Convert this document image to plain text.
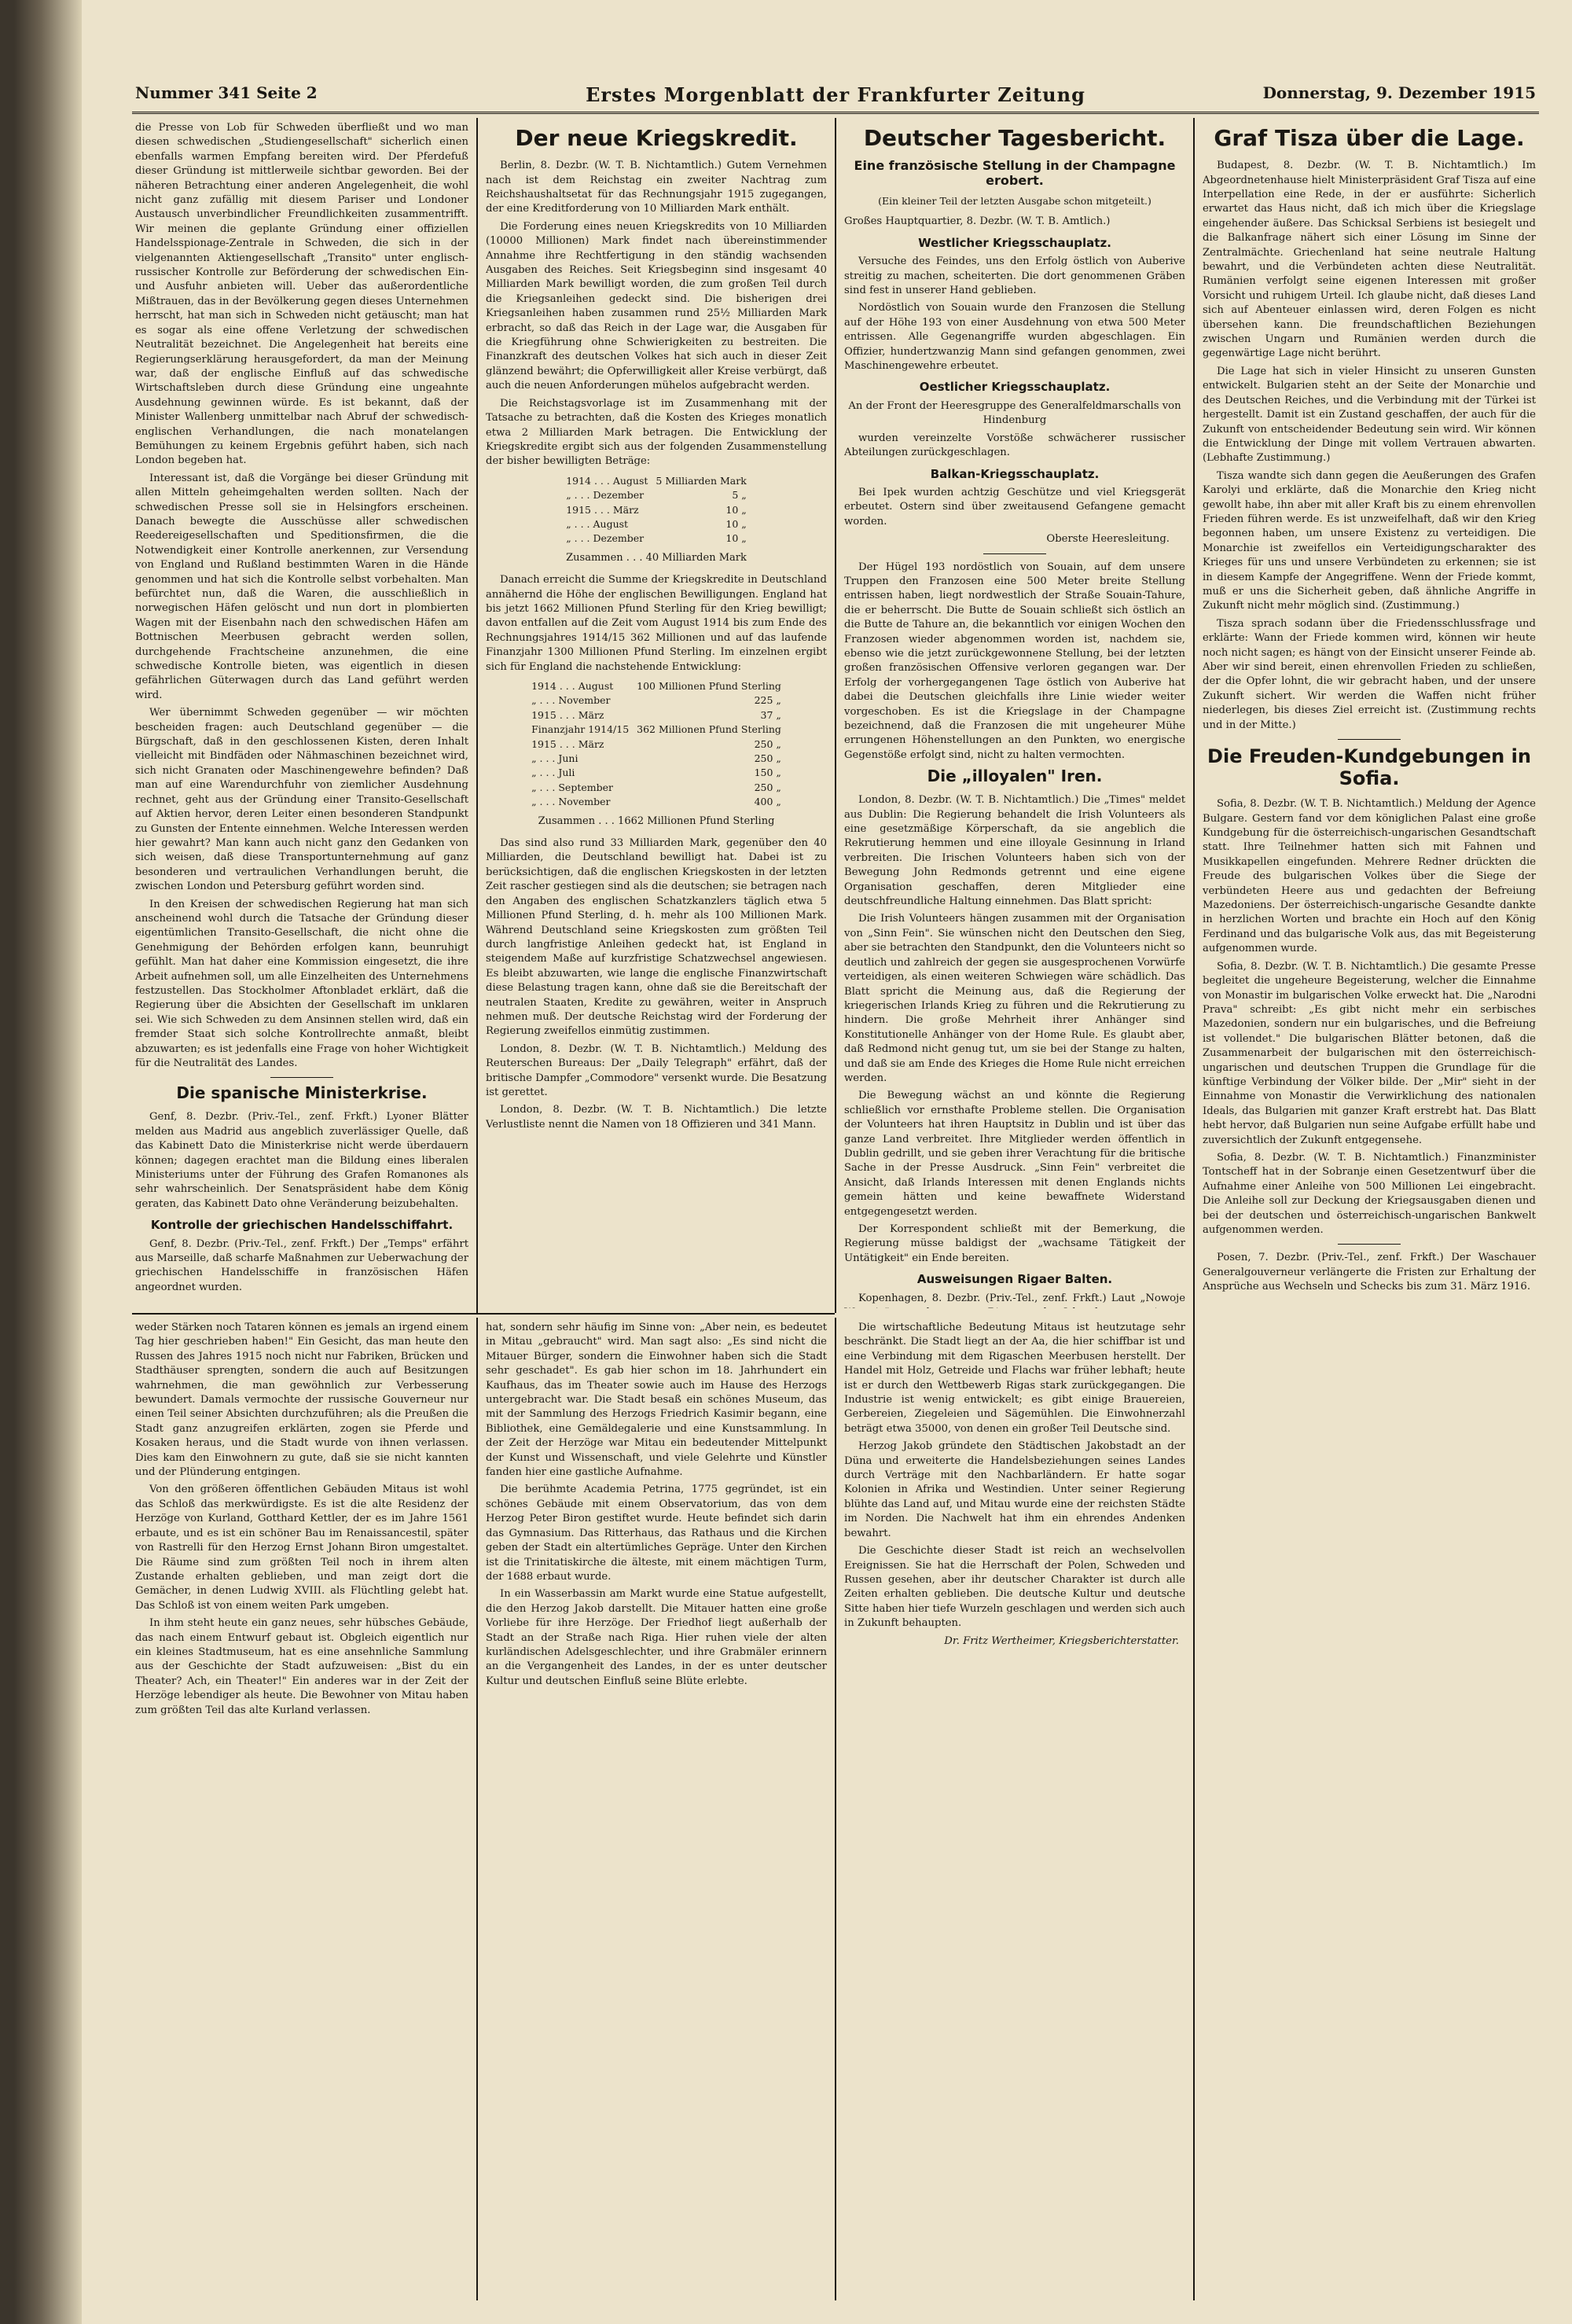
Nummer 341 Seite 2	Erstes Morgenblatt der Frankfurter Zeitung	Donnerstag, 9. Dezember 1915

die Presse von Lob für Schweden überfließt und wo man diesen schwedischen „Studiengesellschaft" sicherlich einen ebenfalls warmen Empfang bereiten wird. Der Pferdefuß dieser Gründung ist mittlerweile sichtbar geworden. Bei der näheren Betrachtung einer anderen Angelegenheit, die wohl nicht ganz zufällig mit diesem Pariser und Londoner Austausch unverbindlicher Freundlichkeiten zusammentrifft. Wir meinen die geplante Gründung einer offiziellen Handelsspionage-Zentrale in Schweden, die sich in der vielgenannten Aktiengesellschaft „Transito" unter englisch-russischer Kontrolle zur Beförderung der schwedischen Ein- und Ausfuhr anbieten will. Ueber das außerordentliche Mißtrauen, das in der Bevölkerung gegen dieses Unternehmen herrscht, hat man sich in Schweden nicht getäuscht; man hat es sogar als eine offene Verletzung der schwedischen Neutralität bezeichnet. Die Angelegenheit hat bereits eine Regierungserklärung herausgefordert, da man der Meinung war, daß der englische Einfluß auf das schwedische Wirtschaftsleben durch diese Gründung eine ungeahnte Ausdehnung gewinnen würde. Es ist bekannt, daß der Minister Wallenberg unmittelbar nach Abruf der schwedisch-englischen Verhandlungen, die nach monatelangen Bemühungen zu keinem Ergebnis geführt haben, sich nach London begeben hat.

Interessant ist, daß die Vorgänge bei dieser Gründung mit allen Mitteln geheimgehalten werden sollten. Nach der schwedischen Presse soll sie in Helsingfors erscheinen. Danach bewegte die Ausschüsse aller schwedischen Reedereigesellschaften und Speditionsfirmen, die die Notwendigkeit einer Kontrolle anerkennen, zur Versendung von England und Rußland bestimmten Waren in die Hände genommen und hat sich die Kontrolle selbst vorbehalten. Man befürchtet nun, daß die Waren, die ausschließlich in norwegischen Häfen gelöscht und nun dort in plombierten Wagen mit der Eisenbahn nach den schwedischen Häfen am Bottnischen Meerbusen gebracht werden sollen, durchgehende Frachtscheine anzunehmen, die eine schwedische Kontrolle bieten, was eigentlich in diesen gefährlichen Güterwagen durch das Land geführt werden wird.

Wer übernimmt Schweden gegenüber — wir möchten bescheiden fragen: auch Deutschland gegenüber — die Bürgschaft, daß in den geschlossenen Kisten, deren Inhalt vielleicht mit Bindfäden oder Nähmaschinen bezeichnet wird, sich nicht Granaten oder Maschinengewehre befinden? Daß man auf eine Warendurchfuhr von ziemlicher Ausdehnung rechnet, geht aus der Gründung einer Transito-Gesellschaft auf Aktien hervor, deren Leiter einen besonderen Standpunkt zu Gunsten der Entente einnehmen. Welche Interessen werden hier gewahrt? Man kann auch nicht ganz den Gedanken von sich weisen, daß diese Transportunternehmung auf ganz besonderen und vertraulichen Verhandlungen beruht, die zwischen London und Petersburg geführt worden sind.

In den Kreisen der schwedischen Regierung hat man sich anscheinend wohl durch die Tatsache der Gründung dieser eigentümlichen Transito-Gesellschaft, die nicht ohne die Genehmigung der Behörden erfolgen kann, beunruhigt gefühlt. Man hat daher eine Kommission eingesetzt, die ihre Arbeit aufnehmen soll, um alle Einzelheiten des Unternehmens festzustellen. Das Stockholmer Aftonbladet erklärt, daß die Regierung über die Absichten der Gesellschaft im unklaren sei. Wie sich Schweden zu dem Ansinnen stellen wird, daß ein fremder Staat sich solche Kontrollrechte anmaßt, bleibt abzuwarten; es ist jedenfalls eine Frage von hoher Wichtigkeit für die Neutralität des Landes.

Die spanische Ministerkrise.

Genf, 8. Dezbr. (Priv.-Tel., zenf. Frkft.) Lyoner Blätter melden aus Madrid aus angeblich zuverlässiger Quelle, daß das Kabinett Dato die Ministerkrise nicht werde überdauern können; dagegen erachtet man die Bildung eines liberalen Ministeriums unter der Führung des Grafen Romanones als sehr wahrscheinlich. Der Senatspräsident habe dem König geraten, das Kabinett Dato ohne Veränderung beizubehalten.

Kontrolle der griechischen Handelsschiffahrt.

Genf, 8. Dezbr. (Priv.-Tel., zenf. Frkft.) Der „Temps" erfährt aus Marseille, daß scharfe Maßnahmen zur Ueberwachung der griechischen Handelsschiffe in französischen Häfen angeordnet wurden.

Der neue Kriegskredit.

Berlin, 8. Dezbr. (W. T. B. Nichtamtlich.) Gutem Vernehmen nach ist dem Reichstag ein zweiter Nachtrag zum Reichshaushaltsetat für das Rechnungsjahr 1915 zugegangen, der eine Kreditforderung von 10 Milliarden Mark enthält.

Die Forderung eines neuen Kriegskredits von 10 Milliarden (10000 Millionen) Mark findet nach übereinstimmender Annahme ihre Rechtfertigung in den ständig wachsenden Ausgaben des Reiches. Seit Kriegsbeginn sind insgesamt 40 Milliarden Mark bewilligt worden, die zum großen Teil durch die Kriegsanleihen gedeckt sind. Die bisherigen drei Kriegsanleihen haben zusammen rund 25½ Milliarden Mark erbracht, so daß das Reich in der Lage war, die Ausgaben für die Kriegführung ohne Schwierigkeiten zu bestreiten. Die Finanzkraft des deutschen Volkes hat sich auch in dieser Zeit glänzend bewährt; die Opferwilligkeit aller Kreise verbürgt, daß auch die neuen Anforderungen mühelos aufgebracht werden.

Die Reichstagsvorlage ist im Zusammenhang mit der Tatsache zu betrachten, daß die Kosten des Krieges monatlich etwa 2 Milliarden Mark betragen. Die Entwicklung der Kriegskredite ergibt sich aus der folgenden Zusammenstellung der bisher bewilligten Beträge:

1914 . . . August	5 Milliarden Mark
„ . . . Dezember	5 „
1915 . . . März	10 „
„ . . . August	10 „
„ . . . Dezember	10 „
Zusammen . . . 40 Milliarden Mark

Danach erreicht die Summe der Kriegskredite in Deutschland annähernd die Höhe der englischen Bewilligungen. England hat bis jetzt 1662 Millionen Pfund Sterling für den Krieg bewilligt; davon entfallen auf die Zeit vom August 1914 bis zum Ende des Rechnungsjahres 1914/15 362 Millionen und auf das laufende Finanzjahr 1300 Millionen Pfund Sterling. Im einzelnen ergibt sich für England die nachstehende Entwicklung:

1914 . . . August	100 Millionen Pfund Sterling
„ . . . November	225 „
1915 . . . März	37 „
Finanzjahr 1914/15	362 Millionen Pfund Sterling
1915 . . . März	250 „
„ . . . Juni	250 „
„ . . . Juli	150 „
„ . . . September	250 „
„ . . . November	400 „
Zusammen . . . 1662 Millionen Pfund Sterling

Das sind also rund 33 Milliarden Mark, gegenüber den 40 Milliarden, die Deutschland bewilligt hat. Dabei ist zu berücksichtigen, daß die englischen Kriegskosten in der letzten Zeit rascher gestiegen sind als die deutschen; sie betragen nach den Angaben des englischen Schatzkanzlers täglich etwa 5 Millionen Pfund Sterling, d. h. mehr als 100 Millionen Mark. Während Deutschland seine Kriegskosten zum größten Teil durch langfristige Anleihen gedeckt hat, ist England in steigendem Maße auf kurzfristige Schatzwechsel angewiesen. Es bleibt abzuwarten, wie lange die englische Finanzwirtschaft diese Belastung tragen kann, ohne daß sie die Bereitschaft der neutralen Staaten, Kredite zu gewähren, weiter in Anspruch nehmen muß. Der deutsche Reichstag wird der Forderung der Regierung zweifellos einmütig zustimmen.

London, 8. Dezbr. (W. T. B. Nichtamtlich.) Meldung des Reuterschen Bureaus: Der „Daily Telegraph" erfährt, daß der britische Dampfer „Commodore" versenkt wurde. Die Besatzung ist gerettet.

London, 8. Dezbr. (W. T. B. Nichtamtlich.) Die letzte Verlustliste nennt die Namen von 18 Offizieren und 341 Mann.

Deutscher Tagesbericht.
Eine französische Stellung in der Champagne erobert.
(Ein kleiner Teil der letzten Ausgabe schon mitgeteilt.)

Großes Hauptquartier, 8. Dezbr. (W. T. B. Amtlich.)

Westlicher Kriegsschauplatz.

Versuche des Feindes, uns den Erfolg östlich von Auberive streitig zu machen, scheiterten. Die dort genommenen Gräben sind fest in unserer Hand geblieben.

Nordöstlich von Souain wurde den Franzosen die Stellung auf der Höhe 193 von einer Ausdehnung von etwa 500 Meter entrissen. Alle Gegenangriffe wurden abgeschlagen. Ein Offizier, hundertzwanzig Mann sind gefangen genommen, zwei Maschinengewehre erbeutet.

Oestlicher Kriegsschauplatz.

An der Front der Heeresgruppe des Generalfeldmarschalls von Hindenburg

wurden vereinzelte Vorstöße schwächerer russischer Abteilungen zurückgeschlagen.

Balkan-Kriegsschauplatz.

Bei Ipek wurden achtzig Geschütze und viel Kriegsgerät erbeutet. Ostern sind über zweitausend Gefangene gemacht worden.

Oberste Heeresleitung.

Der Hügel 193 nordöstlich von Souain, auf dem unsere Truppen den Franzosen eine 500 Meter breite Stellung entrissen haben, liegt nordwestlich der Straße Souain-Tahure, die er beherrscht. Die Butte de Souain schließt sich östlich an die Butte de Tahure an, die bekanntlich vor einigen Wochen den Franzosen wieder abgenommen worden ist, nachdem sie, ebenso wie die jetzt zurückgewonnene Stellung, bei der letzten großen französischen Offensive verloren gegangen war. Der Erfolg der vorhergegangenen Tage östlich von Auberive hat dabei die Deutschen gleichfalls ihre Linie wieder weiter vorgeschoben. Es ist die Kriegslage in der Champagne bezeichnend, daß die Franzosen die mit ungeheurer Mühe errungenen Höhenstellungen an den Punkten, wo energische Gegenstöße erfolgt sind, nicht zu halten vermochten.

Die „illoyalen" Iren.

London, 8. Dezbr. (W. T. B. Nichtamtlich.) Die „Times" meldet aus Dublin: Die Regierung behandelt die Irish Volunteers als eine gesetzmäßige Körperschaft, da sie angeblich die Rekrutierung hemmen und eine illoyale Gesinnung in Irland verbreiten. Die Irischen Volunteers haben sich von der Bewegung John Redmonds getrennt und eine eigene Organisation geschaffen, deren Mitglieder eine deutschfreundliche Haltung einnehmen. Das Blatt spricht:

Die Irish Volunteers hängen zusammen mit der Organisation von „Sinn Fein". Sie wünschen nicht den Deutschen den Sieg, aber sie betrachten den Standpunkt, den die Volunteers nicht so deutlich und zahlreich der gegen sie ausgesprochenen Vorwürfe verteidigen, als einen weiteren Schwiegen wäre schädlich. Das Blatt spricht die Meinung aus, daß die Regierung der kriegerischen Irlands Krieg zu führen und die Rekrutierung zu hindern. Die große Mehrheit ihrer Anhänger sind Konstitutionelle Anhänger von der Home Rule. Es glaubt aber, daß Redmond nicht genug tut, um sie bei der Stange zu halten, und daß sie am Ende des Krieges die Home Rule nicht erreichen werden.

Die Bewegung wächst an und könnte die Regierung schließlich vor ernsthafte Probleme stellen. Die Organisation der Volunteers hat ihren Hauptsitz in Dublin und ist über das ganze Land verbreitet. Ihre Mitglieder werden öffentlich in Dublin gedrillt, und sie geben ihrer Verachtung für die britische Sache in der Presse Ausdruck. „Sinn Fein" verbreitet die Ansicht, daß Irlands Interessen mit denen Englands nichts gemein hätten und keine bewaffnete Widerstand entgegengesetzt werden.

Der Korrespondent schließt mit der Bemerkung, die Regierung müsse baldigst der „wachsame Tätigkeit der Untätigkeit" ein Ende bereiten.

Ausweisungen Rigaer Balten.

Kopenhagen, 8. Dezbr. (Priv.-Tel., zenf. Frkft.) Laut „Nowoje

Graf Tisza über die Lage.

Budapest, 8. Dezbr. (W. T. B. Nichtamtlich.) Im Abgeordnetenhause hielt Ministerpräsident Graf Tisza auf eine Interpellation eine Rede, in der er ausführte: Sicherlich erwartet das Haus nicht, daß ich mich über die Kriegslage eingehender äußere. Das Schicksal Serbiens ist besiegelt und die Balkanfrage nähert sich einer Lösung im Sinne der Zentralmächte. Griechenland hat seine neutrale Haltung bewahrt, und die Verbündeten achten diese Neutralität. Rumänien verfolgt seine eigenen Interessen mit großer Vorsicht und ruhigem Urteil. Ich glaube nicht, daß dieses Land sich auf Abenteuer einlassen wird, deren Folgen es nicht übersehen kann. Die freundschaftlichen Beziehungen zwischen Ungarn und Rumänien werden durch die gegenwärtige Lage nicht berührt.

Die Lage hat sich in vieler Hinsicht zu unseren Gunsten entwickelt. Bulgarien steht an der Seite der Monarchie und des Deutschen Reiches, und die Verbindung mit der Türkei ist hergestellt. Damit ist ein Zustand geschaffen, der auch für die Zukunft von entscheidender Bedeutung sein wird. Wir können die Entwicklung der Dinge mit vollem Vertrauen abwarten. (Lebhafte Zustimmung.)

Tisza wandte sich dann gegen die Aeußerungen des Grafen Karolyi und erklärte, daß die Monarchie den Krieg nicht gewollt habe, ihn aber mit aller Kraft bis zu einem ehrenvollen Frieden führen werde. Es ist unzweifelhaft, daß wir den Krieg begonnen haben, um unsere Existenz zu verteidigen. Die Monarchie ist zweifellos ein Verteidigungscharakter des Krieges für uns und unsere Verbündeten zu erkennen; sie ist in diesem Kampfe der Angegriffene. Wenn der Friede kommt, muß er uns die Sicherheit geben, daß ähnliche Angriffe in Zukunft nicht mehr möglich sind. (Zustimmung.)

Tisza sprach sodann über die Friedensschlussfrage und erklärte: Wann der Friede kommen wird, können wir heute noch nicht sagen; es hängt von der Einsicht unserer Feinde ab. Aber wir sind bereit, einen ehrenvollen Frieden zu schließen, der die Opfer lohnt, die wir gebracht haben, und der unsere Zukunft sichert. Wir werden die Waffen nicht früher niederlegen, bis dieses Ziel erreicht ist. (Zustimmung rechts und in der Mitte.)

Die Freuden-Kundgebungen in Sofia.

Sofia, 8. Dezbr. (W. T. B. Nichtamtlich.) Meldung der Agence Bulgare. Gestern fand vor dem königlichen Palast eine große Kundgebung für die österreichisch-ungarischen Gesandtschaft statt. Ihre Teilnehmer hatten sich mit Fahnen und Musikkapellen eingefunden. Mehrere Redner drückten die Freude des bulgarischen Volkes über die Siege der verbündeten Heere aus und gedachten der Befreiung Mazedoniens. Der österreichisch-ungarische Gesandte dankte in herzlichen Worten und brachte ein Hoch auf den König Ferdinand und das bulgarische Volk aus, das mit Begeisterung aufgenommen wurde.

Sofia, 8. Dezbr. (W. T. B. Nichtamtlich.) Die gesamte Presse begleitet die ungeheure Begeisterung, welcher die Einnahme von Monastir im bulgarischen Volke erweckt hat. Die „Narodni Prava" schreibt: „Es gibt nicht mehr ein serbisches Mazedonien, sondern nur ein bulgarisches, und die Befreiung ist vollendet." Die bulgarischen Blätter betonen, daß die Zusammenarbeit der bulgarischen mit den österreichisch-ungarischen und deutschen Truppen die Grundlage für die künftige Verbindung der Völker bilde. Der „Mir" sieht in der Einnahme von Monastir die Verwirklichung des nationalen Ideals, das Bulgarien mit ganzer Kraft erstrebt hat. Das Blatt hebt hervor, daß Bulgarien nun seine Aufgabe erfüllt habe und zuversichtlich der Zukunft entgegensehe.

Sofia, 8. Dezbr. (W. T. B. Nichtamtlich.) Finanzminister Tontscheff hat in der Sobranje einen Gesetzentwurf über die Aufnahme einer Anleihe von 500 Millionen Lei eingebracht. Die Anleihe soll zur Deckung der Kriegsausgaben dienen und bei der deutschen und österreichisch-ungarischen Bankwelt aufgenommen werden.

Posen, 7. Dezbr. (Priv.-Tel., zenf. Frkft.) Der Waschauer Generalgouverneur verlängerte die Fristen zur Erhaltung der Ansprüche aus Wechseln und Schecks bis zum 31. März 1916.

weder Stärken noch Tataren können es jemals an irgend einem Tag hier geschrieben haben!" Ein Gesicht, das man heute den Russen des Jahres 1915 noch nicht nur Fabriken, Brücken und Stadthäuser sprengten, sondern die auch auf Besitzungen wahrnehmen, die man gewöhnlich zur Verbesserung bewundert. Damals vermochte der russische Gouverneur nur einen Teil seiner Absichten durchzuführen; als die Preußen die Stadt ganz anzugreifen erklärten, zogen sie Pferde und Kosaken heraus, und die Stadt wurde von ihnen verlassen. Dies kam den Einwohnern zu gute, daß sie sie nicht kannten und der Plünderung entgingen.

Von den größeren öffentlichen Gebäuden Mitaus ist wohl das Schloß das merkwürdigste. Es ist die alte Residenz der Herzöge von Kurland, Gotthard Kettler, der es im Jahre 1561 erbaute, und es ist ein schöner Bau im Renaissancestil, später von Rastrelli für den Herzog Ernst Johann Biron umgestaltet. Die Räume sind zum größten Teil noch in ihrem alten Zustande erhalten geblieben, und man zeigt dort die Gemächer, in denen Ludwig XVIII. als Flüchtling gelebt hat. Das Schloß ist von einem weiten Park umgeben.

In ihm steht heute ein ganz neues, sehr hübsches Gebäude, das nach einem Entwurf gebaut ist. Obgleich eigentlich nur ein kleines Stadtmuseum, hat es eine ansehnliche Sammlung aus der Geschichte der Stadt aufzuweisen: „Bist du ein Theater? Ach, ein Theater!" Ein anderes war in der Zeit der Herzöge lebendiger als heute. Die Bewohner von Mitau haben zum größten Teil das alte Kurland verlassen.

hat, sondern sehr häufig im Sinne von: „Aber nein, es bedeutet in Mitau „gebraucht" wird. Man sagt also: „Es sind nicht die Mitauer Bürger, sondern die Einwohner haben sich die Stadt sehr geschadet". Es gab hier schon im 18. Jahrhundert ein Kaufhaus, das im Theater sowie auch im Hause des Herzogs untergebracht war. Die Stadt besaß ein schönes Museum, das mit der Sammlung des Herzogs Friedrich Kasimir begann, eine Bibliothek, eine Gemäldegalerie und eine Kunstsammlung. In der Zeit der Herzöge war Mitau ein bedeutender Mittelpunkt der Kunst und Wissenschaft, und viele Gelehrte und Künstler fanden hier eine gastliche Aufnahme.

Die berühmte Academia Petrina, 1775 gegründet, ist ein schönes Gebäude mit einem Observatorium, das von dem Herzog Peter Biron gestiftet wurde. Heute befindet sich darin das Gymnasium. Das Ritterhaus, das Rathaus und die Kirchen geben der Stadt ein altertümliches Gepräge. Unter den Kirchen ist die Trinitatiskirche die älteste, mit einem mächtigen Turm, der 1688 erbaut wurde.

In ein Wasserbassin am Markt wurde eine Statue aufgestellt, die den Herzog Jakob darstellt. Die Mitauer hatten eine große Vorliebe für ihre Herzöge. Der Friedhof liegt außerhalb der Stadt an der Straße nach Riga. Hier ruhen viele der alten kurländischen Adelsgeschlechter, und ihre Grabmäler erinnern an die Vergangenheit des Landes, in der es unter deutscher Kultur und deutschen Einfluß seine Blüte erlebte.

Die wirtschaftliche Bedeutung Mitaus ist heutzutage sehr beschränkt. Die Stadt liegt an der Aa, die hier schiffbar ist und eine Verbindung mit dem Rigaschen Meerbusen herstellt. Der Handel mit Holz, Getreide und Flachs war früher lebhaft; heute ist er durch den Wettbewerb Rigas stark zurückgegangen. Die Industrie ist wenig entwickelt; es gibt einige Brauereien, Gerbereien, Ziegeleien und Sägemühlen. Die Einwohnerzahl beträgt etwa 35000, von denen ein großer Teil Deutsche sind.

Herzog Jakob gründete den Städtischen Jakobstadt an der Düna und erweiterte die Handelsbeziehungen seines Landes durch Verträge mit den Nachbarländern. Er hatte sogar Kolonien in Afrika und Westindien. Unter seiner Regierung blühte das Land auf, und Mitau wurde eine der reichsten Städte im Norden. Die Nachwelt hat ihm ein ehrendes Andenken bewahrt.

Die Geschichte dieser Stadt ist reich an wechselvollen Ereignissen. Sie hat die Herrschaft der Polen, Schweden und Russen gesehen, aber ihr deutscher Charakter ist durch alle Zeiten erhalten geblieben. Die deutsche Kultur und deutsche Sitte haben hier tiefe Wurzeln geschlagen und werden sich auch in Zukunft behaupten.

Dr. Fritz Wertheimer, Kriegsberichterstatter.
